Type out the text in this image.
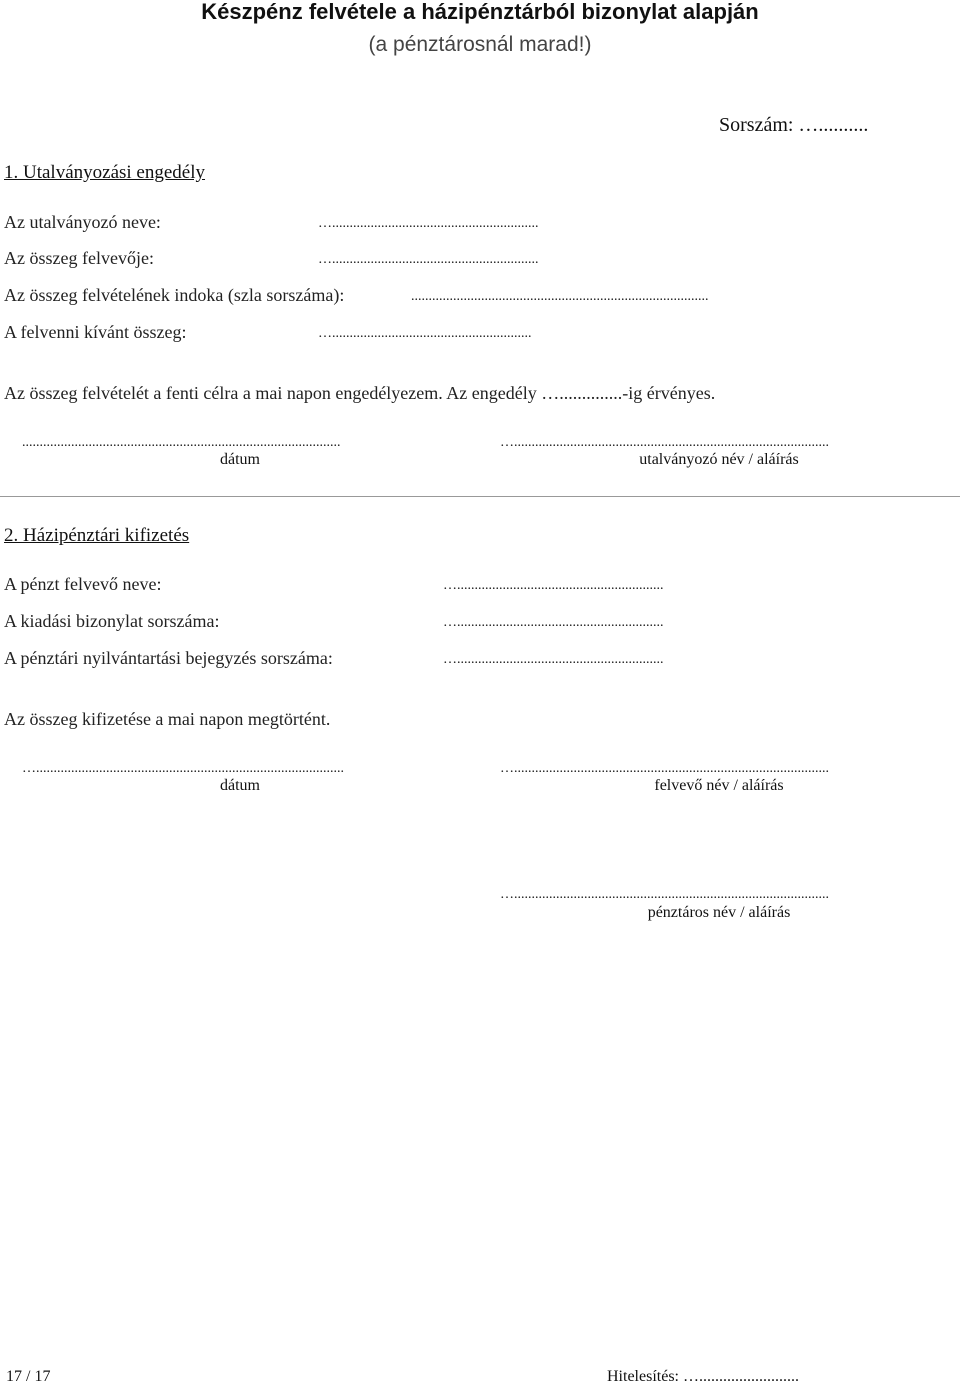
Készpénz felvétele a házipénztárból bizonylat alapján
(a pénztárosnál marad!)
Sorszám: …..........
1. Utalványozási engedély
Az utalványozó neve:	…...........................................................
Az összeg felvevője:	…...........................................................
Az összeg felvételének indoka (szla sorszáma):	.....................................................................................
A felvenni kívánt összeg:	….........................................................
Az összeg felvételét a fenti célra a mai napon engedélyezem. Az engedély …..............-ig érvényes.
...........................................................................................
dátum
…..........................................................................................
utalványozó név / aláírás
2. Házipénztári kifizetés
A pénzt felvevő neve:	…...........................................................
A kiadási bizonylat sorszáma:	…...........................................................
A pénztári nyilvántartási bejegyzés sorszáma:	…...........................................................
Az összeg kifizetése a mai napon megtörtént.
…........................................................................................
dátum
…..........................................................................................
felvevő név / aláírás
…..........................................................................................
pénztáros név / aláírás
17 / 17	Hitelesítés: ….........................
